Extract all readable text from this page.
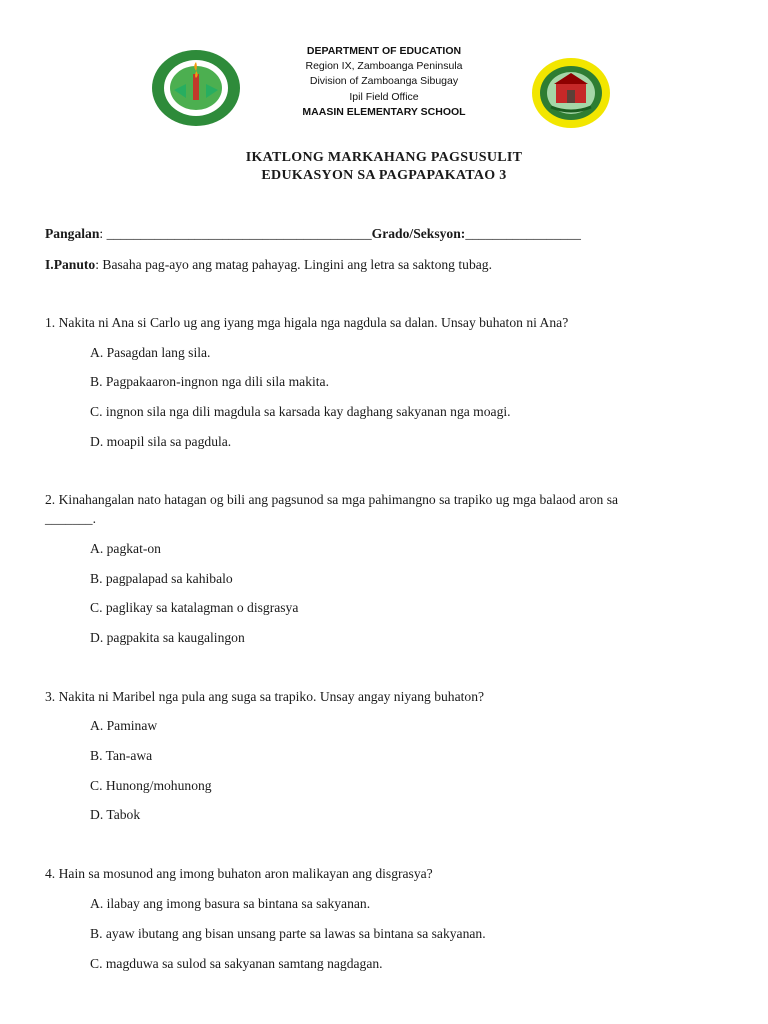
DEPARTMENT OF EDUCATION · ZAMBOANGA SIBUGAY
DEPARTMENT OF EDUCATION
Region IX, Zamboanga Peninsula
Division of Zamboanga Sibugay
Ipil Field Office
MAASIN ELEMENTARY SCHOOL
IKATLONG MARKAHANG PAGSUSULIT
EDUKASYON SA PAGPAPAKATAO 3
Pangalan: _______________________________________Grado/Seksyon:_________________
I.Panuto: Basaha pag-ayo ang matag pahayag. Lingini ang letra sa saktong tubag.
1. Nakita ni Ana si Carlo ug ang iyang mga higala nga nagdula sa dalan. Unsay buhaton ni Ana?
A. Pasagdan lang sila.
B. Pagpakaaron-ingnon nga dili sila makita.
C. ingnon sila nga dili magdula sa karsada kay daghang sakyanan nga moagi.
D. moapil sila sa pagdula.
2. Kinahangalan nato hatagan og bili ang pagsunod sa mga pahimangno sa trapiko ug mga balaod aron sa
_______.
A. pagkat-on
B. pagpalapad sa kahibalo
C. paglikay sa katalagman o disgrasya
D. pagpakita sa kaugalingon
3. Nakita ni Maribel nga pula ang suga sa trapiko. Unsay angay niyang buhaton?
A. Paminaw
B. Tan-awa
C. Hunong/mohunong
D. Tabok
4. Hain sa mosunod ang imong buhaton aron malikayan ang disgrasya?
A. ilabay ang imong basura sa bintana sa sakyanan.
B. ayaw ibutang ang bisan unsang parte sa lawas sa bintana sa sakyanan.
C. magduwa sa sulod sa sakyanan samtang nagdagan.
